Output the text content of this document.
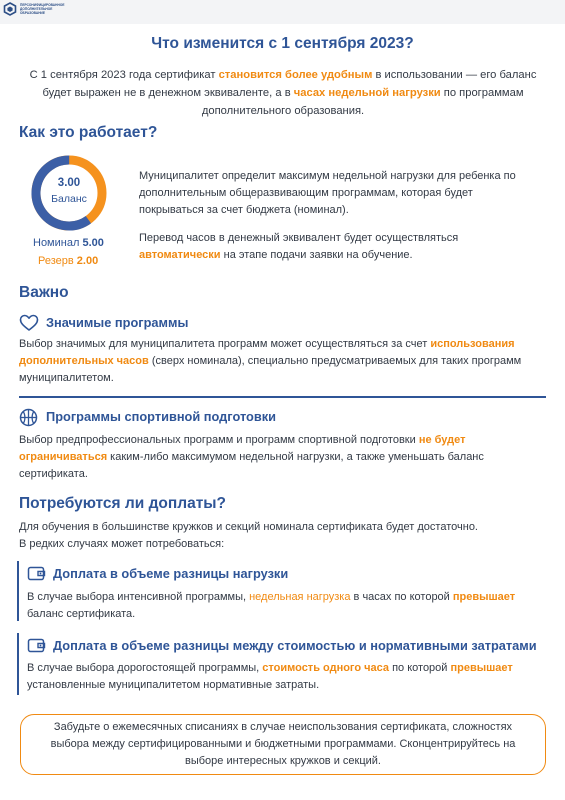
ПЕРСОНИФИЦИРОВАННОЕ
ДОПОЛНИТЕЛЬНОЕ
ОБРАЗОВАНИЕ
Что изменится с 1 сентября 2023?
С 1 сентября 2023 года сертификат становится более удобным в использовании — его баланс будет выражен не в денежном эквиваленте, а в часах недельной нагрузки по программам дополнительного образования.
Как это работает?
3.00
Баланс
Номинал 5.00
Резерв 2.00
Муниципалитет определит максимум недельной нагрузки для ребенка по дополнительным общеразвивающим программам, которая будет покрываться за счет бюджета (номинал).
Перевод часов в денежный эквивалент будет осуществляться автоматически на этапе подачи заявки на обучение.
Важно
Значимые программы
Выбор значимых для муниципалитета программ может осуществляться за счет использования дополнительных часов (сверх номинала), специально предусматриваемых для таких программ муниципалитетом.
Программы спортивной подготовки
Выбор предпрофессиональных программ и программ спортивной подготовки не будет ограничиваться каким-либо максимумом недельной нагрузки, а также уменьшать баланс сертификата.
Потребуются ли доплаты?
Для обучения в большинстве кружков и секций номинала сертификата будет достаточно.
В редких случаях может потребоваться:
Доплата в объеме разницы нагрузки
В случае выбора интенсивной программы, недельная нагрузка в часах по которой превышает баланс сертификата.
Доплата в объеме разницы между стоимостью и нормативными затратами
В случае выбора дорогостоящей программы, стоимость одного часа по которой превышает установленные муниципалитетом нормативные затраты.
Забудьте о ежемесячных списаниях в случае неиспользования сертификата, сложностях выбора между сертифицированными и бюджетными программами. Сконцентрируйтесь на выборе интересных кружков и секций.
